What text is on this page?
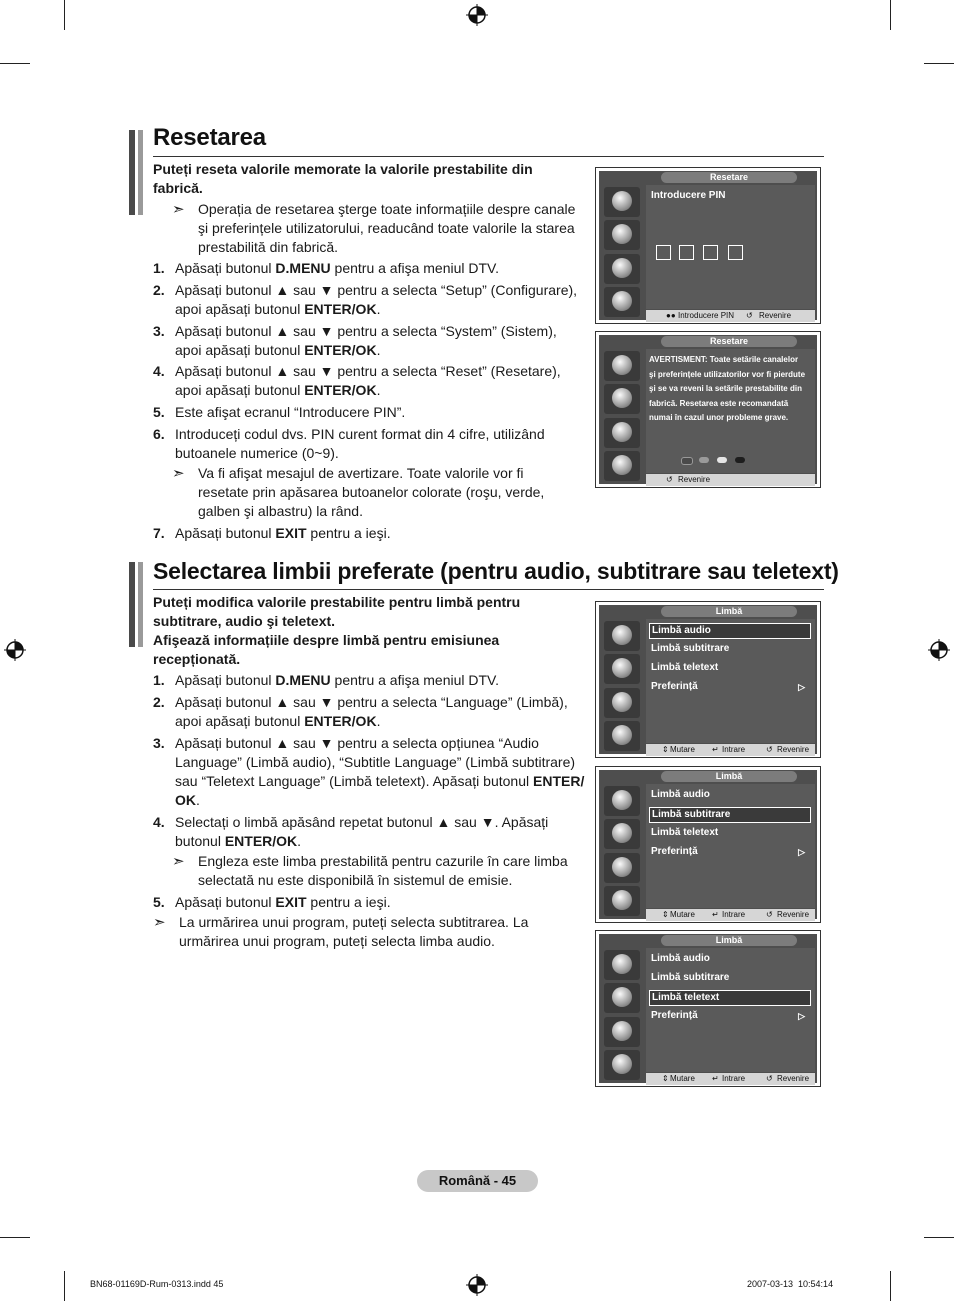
Resetarea
Puteți reseta valorile memorate la valorile prestabilite din
fabrică.
➣ Operația de resetarea şterge toate informațiile despre canale
şi preferințele utilizatorului, readucând toate valorile la starea
prestabilită din fabrică.
1. Apăsați butonul D.MENU pentru a afişa meniul DTV.
2. Apăsați butonul ▲ sau ▼ pentru a selecta “Setup” (Configurare),
apoi apăsați butonul ENTER/OK.
3. Apăsați butonul ▲ sau ▼ pentru a selecta “System” (Sistem),
apoi apăsați butonul ENTER/OK.
4. Apăsați butonul ▲ sau ▼ pentru a selecta “Reset” (Resetare),
apoi apăsați butonul ENTER/OK.
5. Este afişat ecranul “Introducere PIN”.
6. Introduceți codul dvs. PIN curent format din 4 cifre, utilizând
butoanele numerice (0~9).
7. Apăsați butonul EXIT pentru a ieşi.
➣ Va fi afişat mesajul de avertizare. Toate valorile vor fi
resetate prin apăsarea butoanelor colorate (roşu, verde,
galben şi albastru) la rând.
Resetare
Introducere PIN
●● Introducere PIN ↺ Revenire
Resetare
AVERTISMENT: Toate setările canalelor
şi preferințele utilizatorilor vor fi pierdute
şi se va reveni la setările prestabilite din
fabrică. Resetarea este recomandată
numai în cazul unor probleme grave.
↺ Revenire
Selectarea limbii preferate (pentru audio, subtitrare sau teletext)
Puteți modifica valorile prestabilite pentru limbă pentru
subtitrare, audio şi teletext.
Afişează informațiile despre limbă pentru emisiunea
recepționată.
1. Apăsați butonul D.MENU pentru a afişa meniul DTV.
2. Apăsați butonul ▲ sau ▼ pentru a selecta “Language” (Limbă),
apoi apăsați butonul ENTER/OK.
3. Apăsați butonul ▲ sau ▼ pentru a selecta opțiunea “Audio
Language” (Limbă audio), “Subtitle Language” (Limbă subtitrare)
sau “Teletext Language” (Limbă teletext). Apăsați butonul ENTER/
OK.
4. Selectați o limbă apăsând repetat butonul ▲ sau ▼. Apăsați
butonul ENTER/OK.
5. Apăsați butonul EXIT pentru a ieşi.
➣ Engleza este limba prestabilită pentru cazurile în care limba
selectată nu este disponibilă în sistemul de emisie.
➣ La urmărirea unui program, puteți selecta subtitrarea. La
urmărirea unui program, puteți selecta limba audio.
Limbă
Limbă audio
Limbă subtitrare
Limbă teletext
Preferință	▷
⇕ Mutare ↵ Intrare	↺ Revenire
Limbă
Limbă audio
Limbă subtitrare
Limbă teletext
Preferință	▷
⇕ Mutare ↵ Intrare	↺ Revenire
Limbă
Limbă audio
Limbă subtitrare
Limbă teletext
Preferință	▷
⇕ Mutare ↵ Intrare	↺ Revenire
Română - 45
BN68-01169D-Rum-0313.indd 45	2007-03-13 ︎ 10:54:14
